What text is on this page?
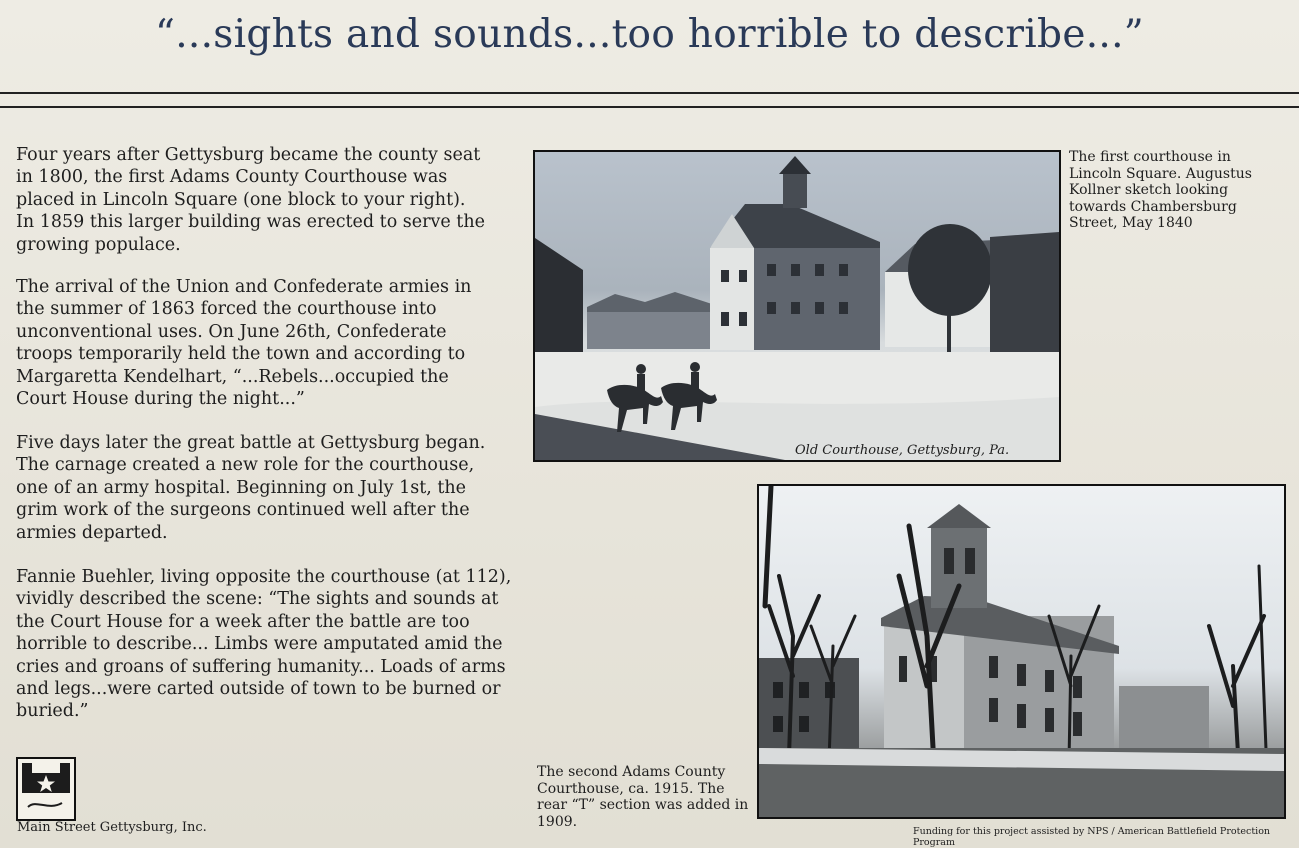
“...sights and sounds...too horrible to describe...”
Four years after Gettysburg became the county seat in 1800, the first Adams County Courthouse was placed in Lincoln Square (one block to your right). In 1859 this larger building was erected to serve the growing populace.
The arrival of the Union and Confederate armies in the summer of 1863 forced the courthouse into unconventional uses. On June 26th, Confederate troops temporarily held the town and according to Margaretta Kendelhart, “...Rebels...occupied the Court House during the night...”
Five days later the great battle at Gettysburg began. The carnage created a new role for the courthouse, one of an army hospital. Beginning on July 1st, the grim work of the surgeons continued well after the armies departed.
Fannie Buehler, living opposite the courthouse (at 112), vividly described the scene: “The sights and sounds at the Court House for a week after the battle are too horrible to describe... Limbs were amputated amid the cries and groans of suffering humanity... Loads of arms and legs...were carted outside of town to be burned or buried.”
Old Courthouse, Gettysburg, Pa.
The first courthouse in Lincoln Square. Augustus Kollner sketch looking towards Chambersburg Street, May 1840
The second Adams County Courthouse, ca. 1915. The rear “T” section was added in 1909.
Main Street Gettysburg, Inc.	Funding for this project assisted by NPS / American Battlefield Protection Program
